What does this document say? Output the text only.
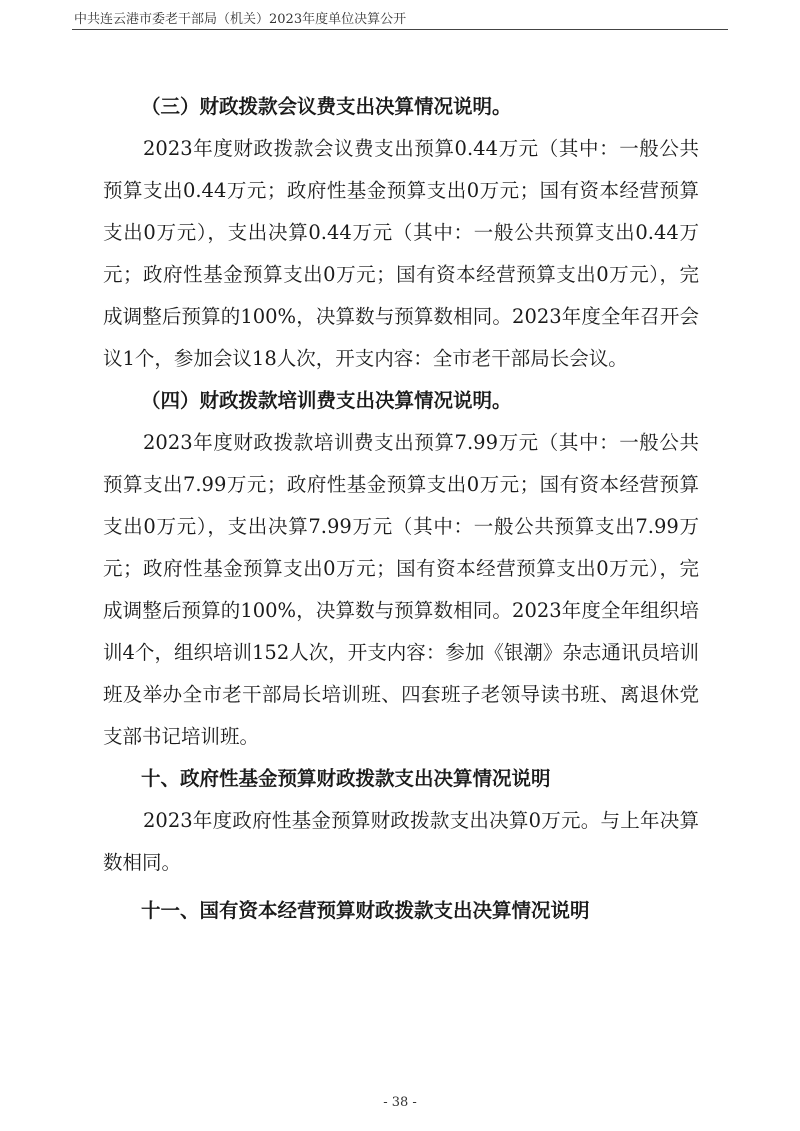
中共连云港市委老干部局（机关）2023年度单位决算公开

（三）财政拨款会议费支出决算情况说明。

2023年度财政拨款会议费支出预算0.44万元（其中：一般公共预算支出0.44万元；政府性基金预算支出0万元；国有资本经营预算支出0万元），支出决算0.44万元（其中：一般公共预算支出0.44万元；政府性基金预算支出0万元；国有资本经营预算支出0万元），完成调整后预算的100%，决算数与预算数相同。2023年度全年召开会议1个，参加会议18人次，开支内容：全市老干部局长会议。

（四）财政拨款培训费支出决算情况说明。

2023年度财政拨款培训费支出预算7.99万元（其中：一般公共预算支出7.99万元；政府性基金预算支出0万元；国有资本经营预算支出0万元），支出决算7.99万元（其中：一般公共预算支出7.99万元；政府性基金预算支出0万元；国有资本经营预算支出0万元），完成调整后预算的100%，决算数与预算数相同。2023年度全年组织培训4个，组织培训152人次，开支内容：参加《银潮》杂志通讯员培训班及举办全市老干部局长培训班、四套班子老领导读书班、离退休党支部书记培训班。

十、政府性基金预算财政拨款支出决算情况说明

2023年度政府性基金预算财政拨款支出决算0万元。与上年决算数相同。

十一、国有资本经营预算财政拨款支出决算情况说明

- 38 -
